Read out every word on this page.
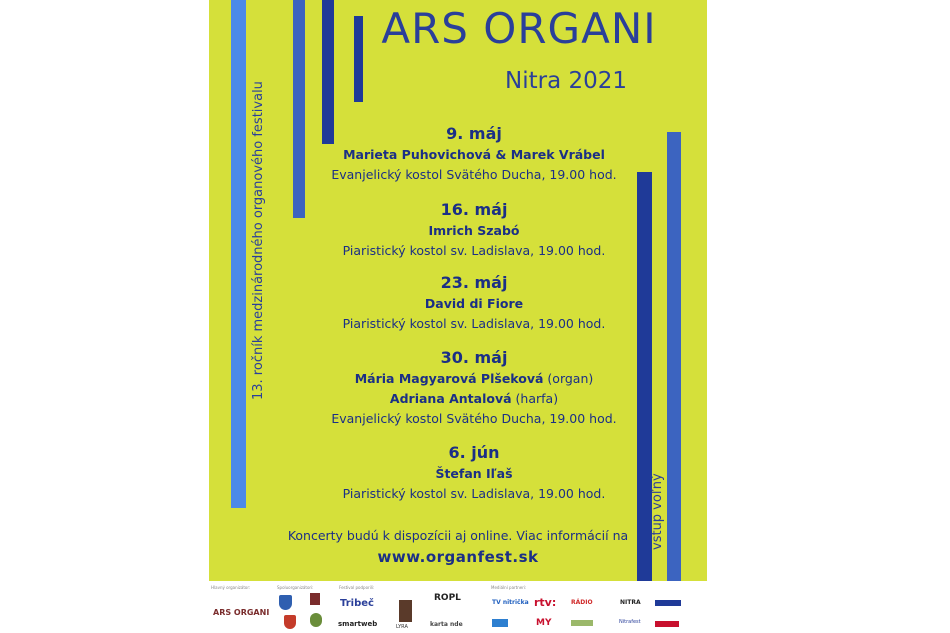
ARS ORGANI
Nitra 2021
13. ročník medzinárodného organového festivalu
vstup voľný
9. máj
Marieta Puhovichová & Marek Vrábel
Evanjelický kostol Svätého Ducha, 19.00 hod.
16. máj
Imrich Szabó
Piaristický kostol sv. Ladislava, 19.00 hod.
23. máj
David di Fiore
Piaristický kostol sv. Ladislava, 19.00 hod.
30. máj
Mária Magyarová Plšeková (organ)
Adriana Antalová (harfa)
Evanjelický kostol Svätého Ducha, 19.00 hod.
6. jún
Štefan Iľaš
Piaristický kostol sv. Ladislava, 19.00 hod.
Koncerty budú k dispozícii aj online. Viac informácií na
www.organfest.sk
Hlavný organizátor:	Spoluorganizátori:	Festival podporili:	Mediální partneri:
ARS ORGANI
Tribeč
smartweb	LYRA
ROPL
karta nde
TV nitrička rtv:
MY
RÁDIO	NITRA
Nitrafest
